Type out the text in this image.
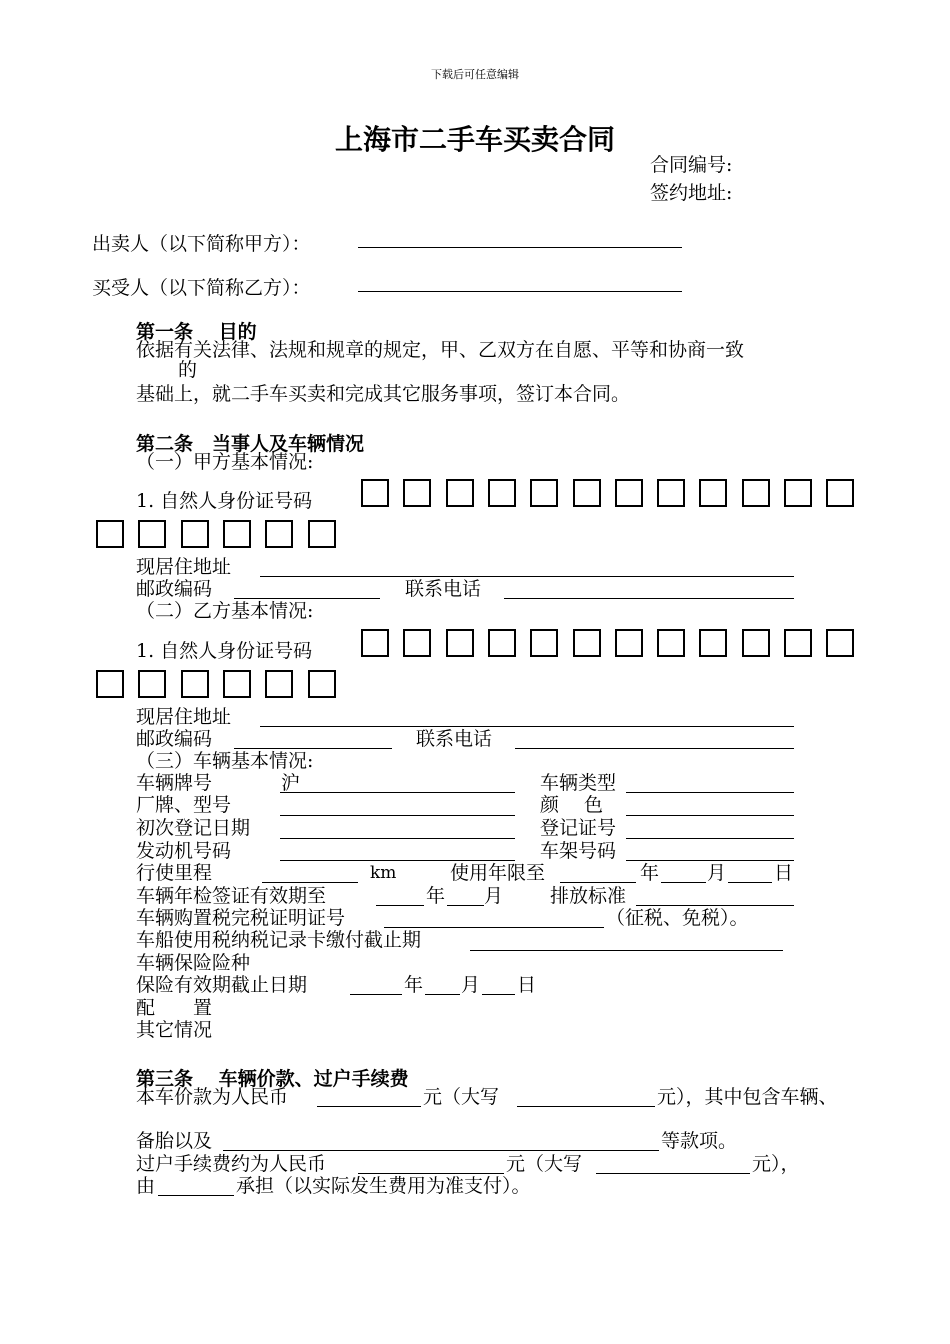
下载后可任意编辑
上海市二手车买卖合同
合同编号:
签约地址:
出卖人（以下简称甲方）：
买受人（以下简称乙方）：
第一条　 目的
依据有关法律、法规和规章的规定，甲、乙双方在自愿、平等和协商一致
的
基础上，就二手车买卖和完成其它服务事项，签订本合同。
第二条　当事人及车辆情况
（一）甲方基本情况:
1. 自然人身份证号码
现居住地址
邮政编码	联系电话
（二）乙方基本情况:
1. 自然人身份证号码
现居住地址
邮政编码	联系电话
（三）车辆基本情况:
车辆牌号	沪	车辆类型
厂牌、型号	颜　 色
初次登记日期	登记证号
发动机号码	车架号码
行使里程	km	使用年限至	年	月	日
车辆年检签证有效期至	年 月 排放标准
车辆购置税完税证明证号	（征税、免税）。
车船使用税纳税记录卡缴付截止期
车辆保险险种
保险有效期截止日期	年 月 日
配　　置
其它情况
第三条　 车辆价款、过户手续费
本车价款为人民币	元（大写	元），其中包含车辆、
备胎以及	等款项。
过户手续费约为人民币	元（大写	元），
由	承担（以实际发生费用为准支付）。
